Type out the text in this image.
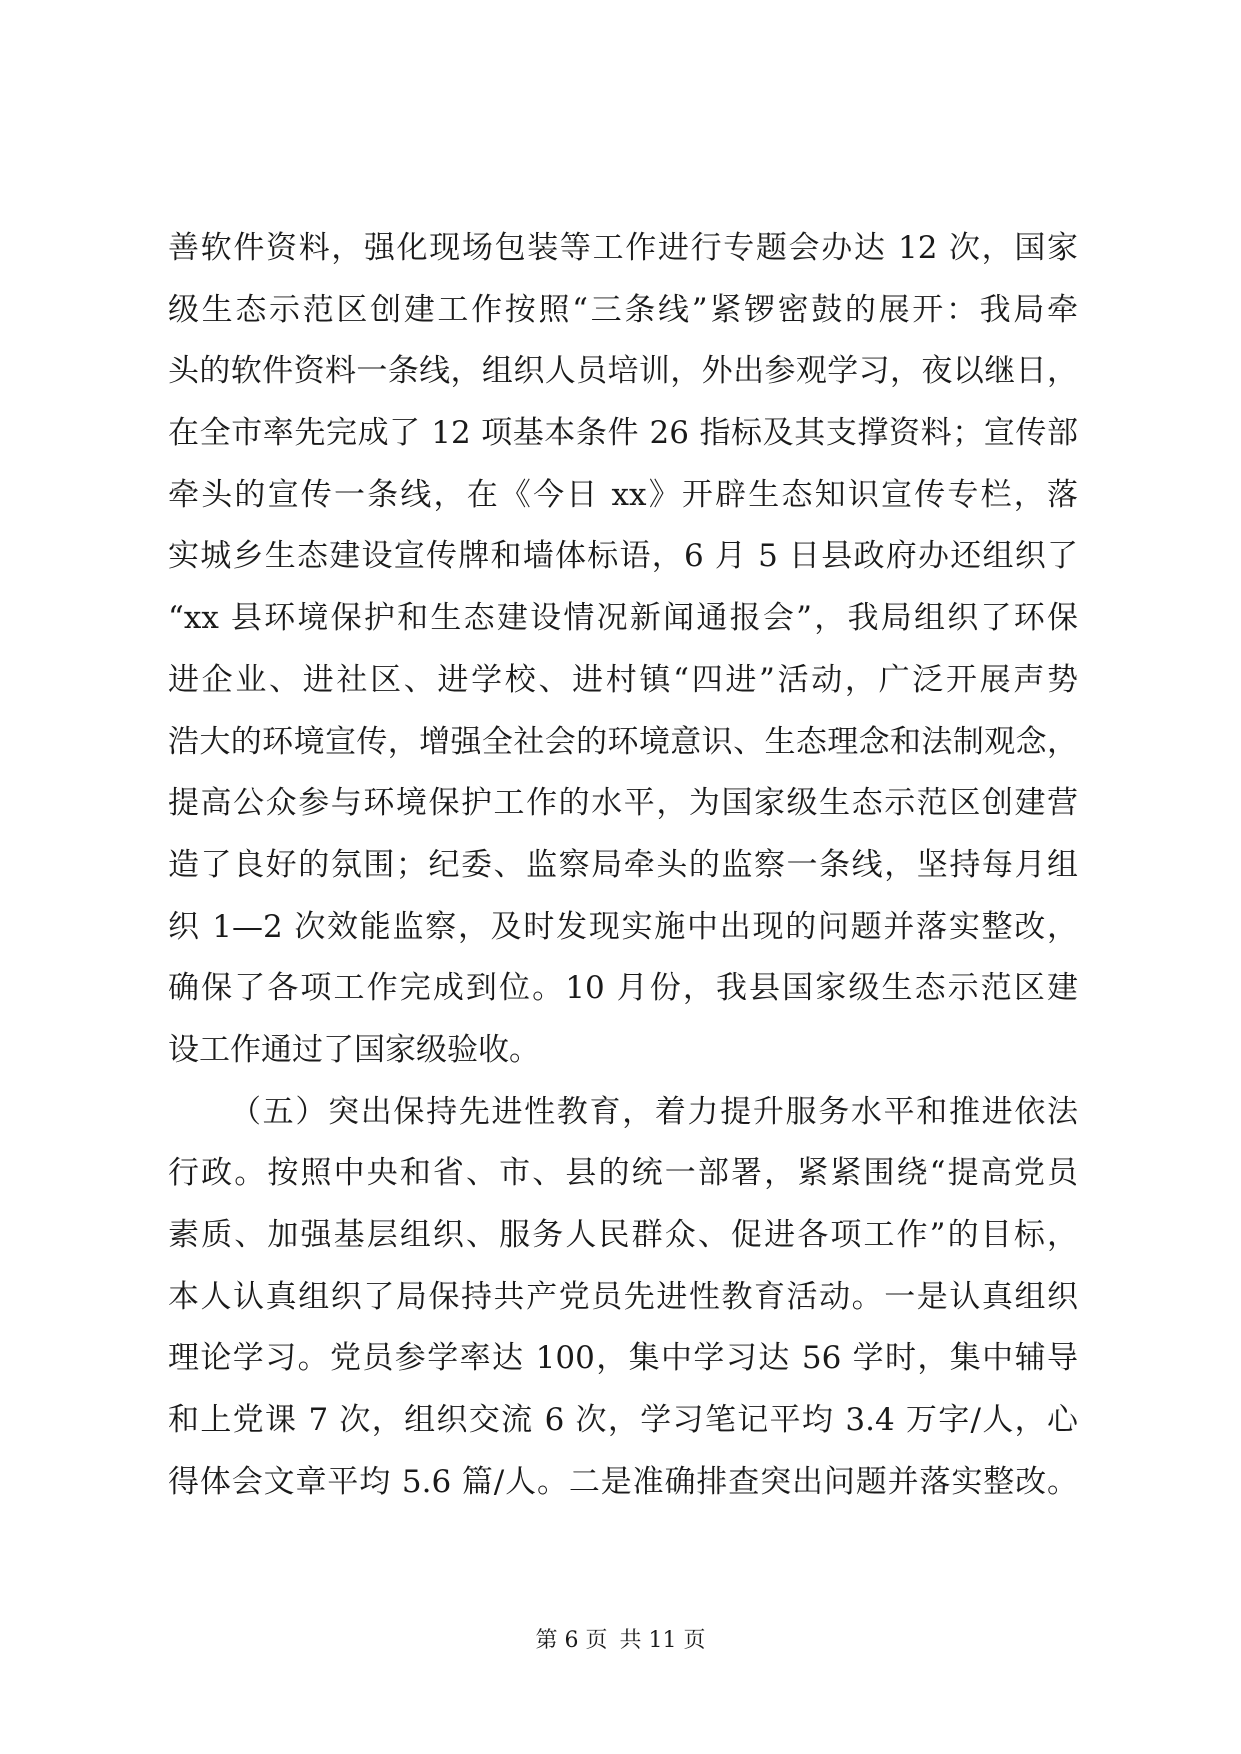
善软件资料，强化现场包装等工作进行专题会办达 12 次，国家
级生态示范区创建工作按照“三条线”紧锣密鼓的展开：我局牵
头的软件资料一条线，组织人员培训，外出参观学习，夜以继日，
在全市率先完成了 12 项基本条件 26 指标及其支撑资料；宣传部
牵头的宣传一条线，在《今日 xx》开辟生态知识宣传专栏，落
实城乡生态建设宣传牌和墙体标语，6 月 5 日县政府办还组织了
“xx 县环境保护和生态建设情况新闻通报会”，我局组织了环保
进企业、进社区、进学校、进村镇“四进”活动，广泛开展声势
浩大的环境宣传，增强全社会的环境意识、生态理念和法制观念，
提高公众参与环境保护工作的水平，为国家级生态示范区创建营
造了良好的氛围；纪委、监察局牵头的监察一条线，坚持每月组
织 1—2 次效能监察，及时发现实施中出现的问题并落实整改，
确保了各项工作完成到位。10 月份，我县国家级生态示范区建
设工作通过了国家级验收。
（五）突出保持先进性教育，着力提升服务水平和推进依法
行政。按照中央和省、市、县的统一部署，紧紧围绕“提高党员
素质、加强基层组织、服务人民群众、促进各项工作”的目标，
本人认真组织了局保持共产党员先进性教育活动。一是认真组织
理论学习。党员参学率达 100，集中学习达 56 学时，集中辅导
和上党课 7 次，组织交流 6 次，学习笔记平均 3.4 万字/人，心
得体会文章平均 5.6 篇/人。二是准确排查突出问题并落实整改。
第 6 页 共 11 页
